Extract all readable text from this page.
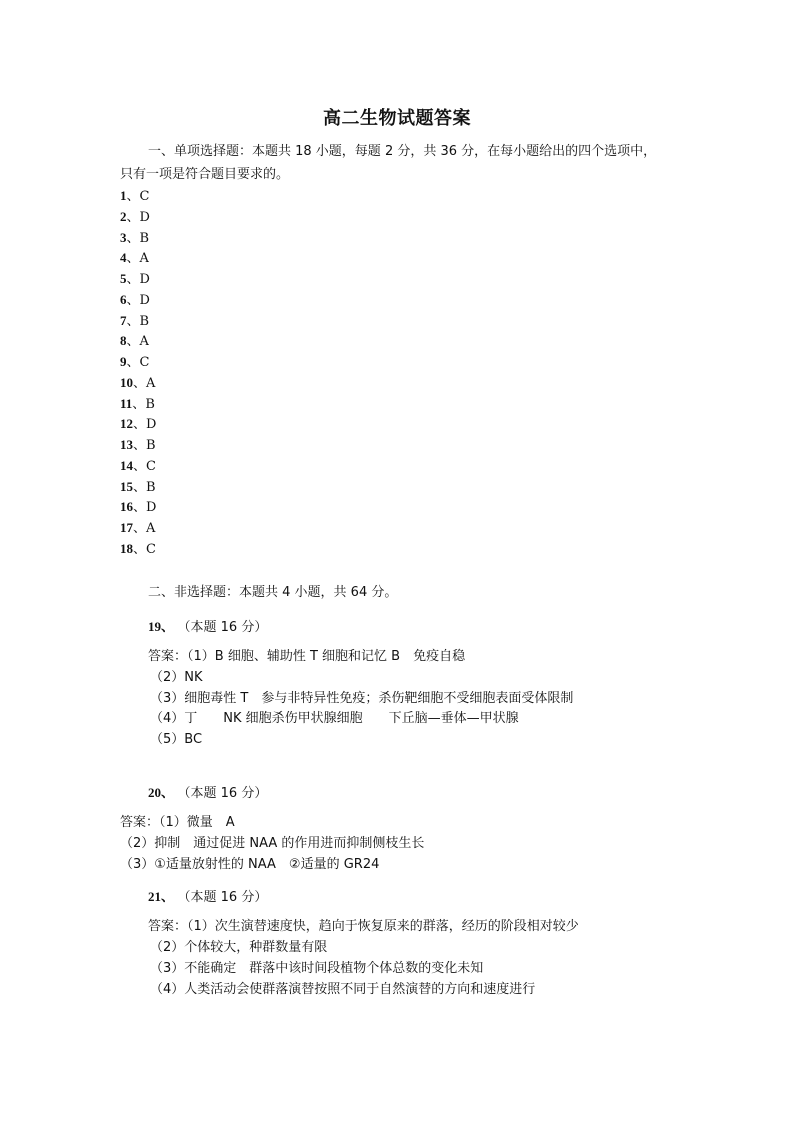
高二生物试题答案
一、单项选择题：本题共 18 小题，每题 2 分，共 36 分，在每小题给出的四个选项中，
只有一项是符合题目要求的。
1、C
2、D
3、B
4、A
5、D
6、D
7、B
8、A
9、C
10、A
11、B
12、D
13、B
14、C
15、B
16、D
17、A
18、C
二、非选择题：本题共 4 小题，共 64 分。
19、 （本题 16 分）
答案：（1）B 细胞、辅助性 T 细胞和记忆 B　免疫自稳
（2）NK
（3）细胞毒性 T　参与非特异性免疫；杀伤靶细胞不受细胞表面受体限制
（4）丁　　NK 细胞杀伤甲状腺细胞　　下丘脑—垂体—甲状腺
（5）BC
20、 （本题 16 分）
答案：（1）微量　A
（2）抑制　通过促进 NAA 的作用进而抑制侧枝生长
（3）①适量放射性的 NAA　②适量的 GR24
21、 （本题 16 分）
答案：（1）次生演替速度快，趋向于恢复原来的群落，经历的阶段相对较少
（2）个体较大，种群数量有限
（3）不能确定　群落中该时间段植物个体总数的变化未知
（4）人类活动会使群落演替按照不同于自然演替的方向和速度进行
